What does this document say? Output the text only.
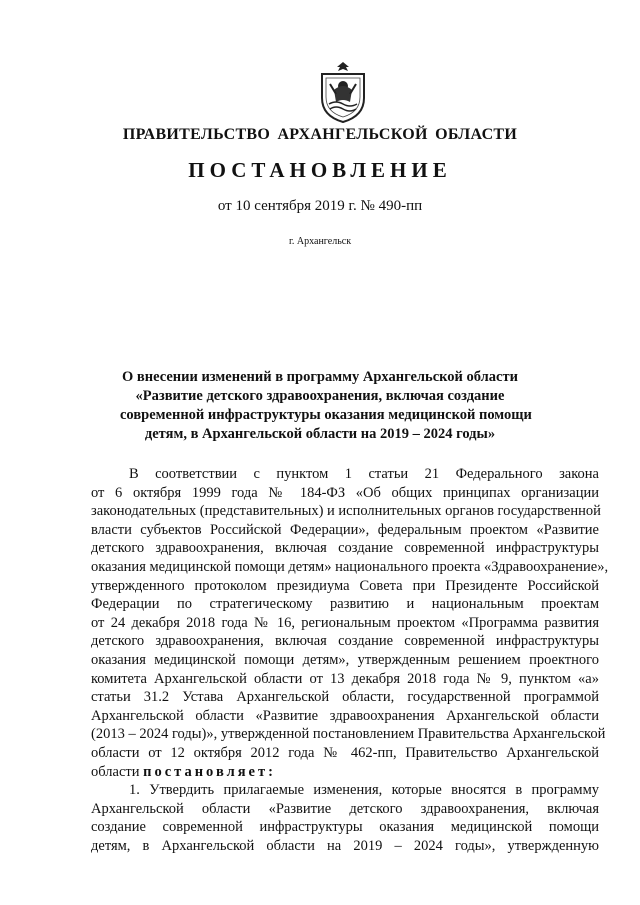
ПРАВИТЕЛЬСТВО АРХАНГЕЛЬСКОЙ ОБЛАСТИ
ПОСТАНОВЛЕНИЕ
от 10 сентября 2019 г. № 490-пп
г. Архангельск
О внесении изменений в программу Архангельской области
«Развитие детского здравоохранения, включая создание
современной инфраструктуры оказания медицинской помощи
детям, в Архангельской области на 2019 – 2024 годы»
В соответствии с пунктом 1 статьи 21 Федерального закона
от 6 октября 1999 года № 184-ФЗ «Об общих принципах организации
законодательных (представительных) и исполнительных органов государственной
власти субъектов Российской Федерации», федеральным проектом «Развитие
детского здравоохранения, включая создание современной инфраструктуры
оказания медицинской помощи детям» национального проекта «Здравоохранение»,
утвержденного протоколом президиума Совета при Президенте Российской
Федерации по стратегическому развитию и национальным проектам
от 24 декабря 2018 года № 16, региональным проектом «Программа развития
детского здравоохранения, включая создание современной инфраструктуры
оказания медицинской помощи детям», утвержденным решением проектного
комитета Архангельской области от 13 декабря 2018 года № 9, пунктом «а»
статьи 31.2 Устава Архангельской области, государственной программой
Архангельской области «Развитие здравоохранения Архангельской области
(2013 – 2024 годы)», утвержденной постановлением Правительства Архангельской
области от 12 октября 2012 года № 462-пп, Правительство Архангельской
области постановляет:
1. Утвердить прилагаемые изменения, которые вносятся в программу
Архангельской области «Развитие детского здравоохранения, включая
создание современной инфраструктуры оказания медицинской помощи
детям, в Архангельской области на 2019 – 2024 годы», утвержденную
